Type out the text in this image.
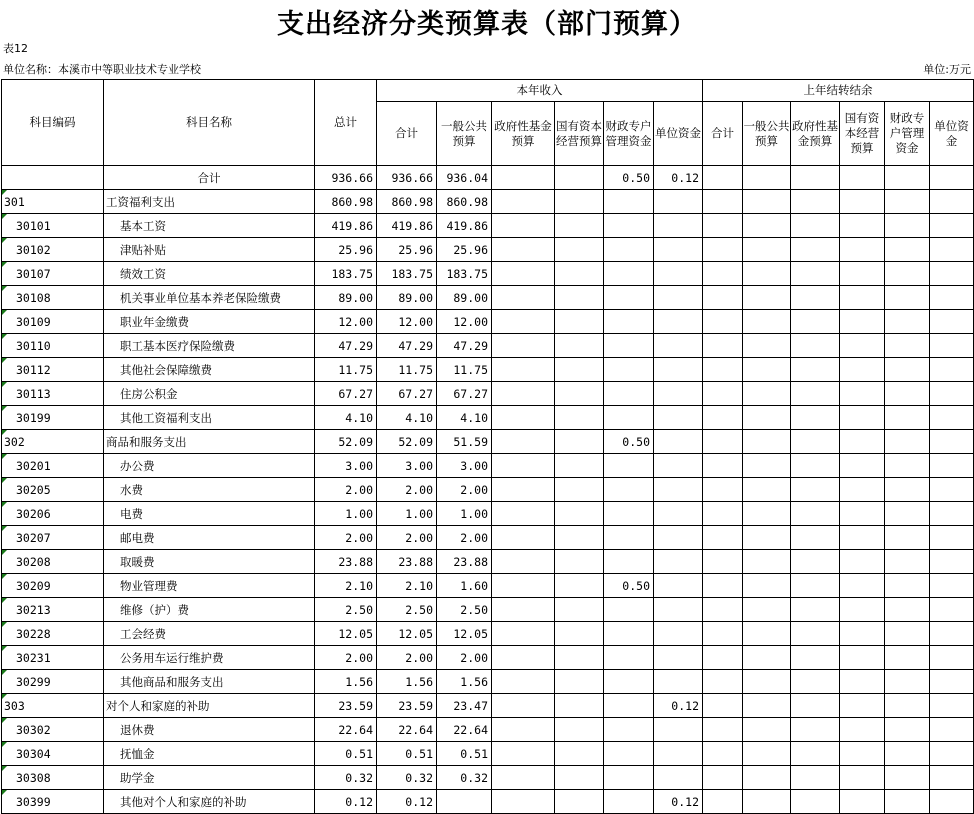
支出经济分类预算表（部门预算）
表12
单位名称：本溪市中等职业技术专业学校	单位:万元
科目编码	科目名称	总计	本年收入						上年结转结余					
			合计	一般公共预算	政府性基金预算	国有资本经营预算	财政专户管理资金	单位资金	合计	一般公共预算	政府性基金预算	国有资本经营预算	财政专户管理资金	单位资金
	合计	936.66	936.66	936.04			0.50	0.12						
301	工资福利支出	860.98	860.98	860.98										
30101	基本工资	419.86	419.86	419.86										
30102	津贴补贴	25.96	25.96	25.96										
30107	绩效工资	183.75	183.75	183.75										
30108	机关事业单位基本养老保险缴费	89.00	89.00	89.00										
30109	职业年金缴费	12.00	12.00	12.00										
30110	职工基本医疗保险缴费	47.29	47.29	47.29										
30112	其他社会保障缴费	11.75	11.75	11.75										
30113	住房公积金	67.27	67.27	67.27										
30199	其他工资福利支出	4.10	4.10	4.10										
302	商品和服务支出	52.09	52.09	51.59			0.50							
30201	办公费	3.00	3.00	3.00										
30205	水费	2.00	2.00	2.00										
30206	电费	1.00	1.00	1.00										
30207	邮电费	2.00	2.00	2.00										
30208	取暖费	23.88	23.88	23.88										
30209	物业管理费	2.10	2.10	1.60			0.50							
30213	维修（护）费	2.50	2.50	2.50										
30228	工会经费	12.05	12.05	12.05										
30231	公务用车运行维护费	2.00	2.00	2.00										
30299	其他商品和服务支出	1.56	1.56	1.56										
303	对个人和家庭的补助	23.59	23.59	23.47				0.12						
30302	退休费	22.64	22.64	22.64										
30304	抚恤金	0.51	0.51	0.51										
30308	助学金	0.32	0.32	0.32										
30399	其他对个人和家庭的补助	0.12	0.12					0.12						
